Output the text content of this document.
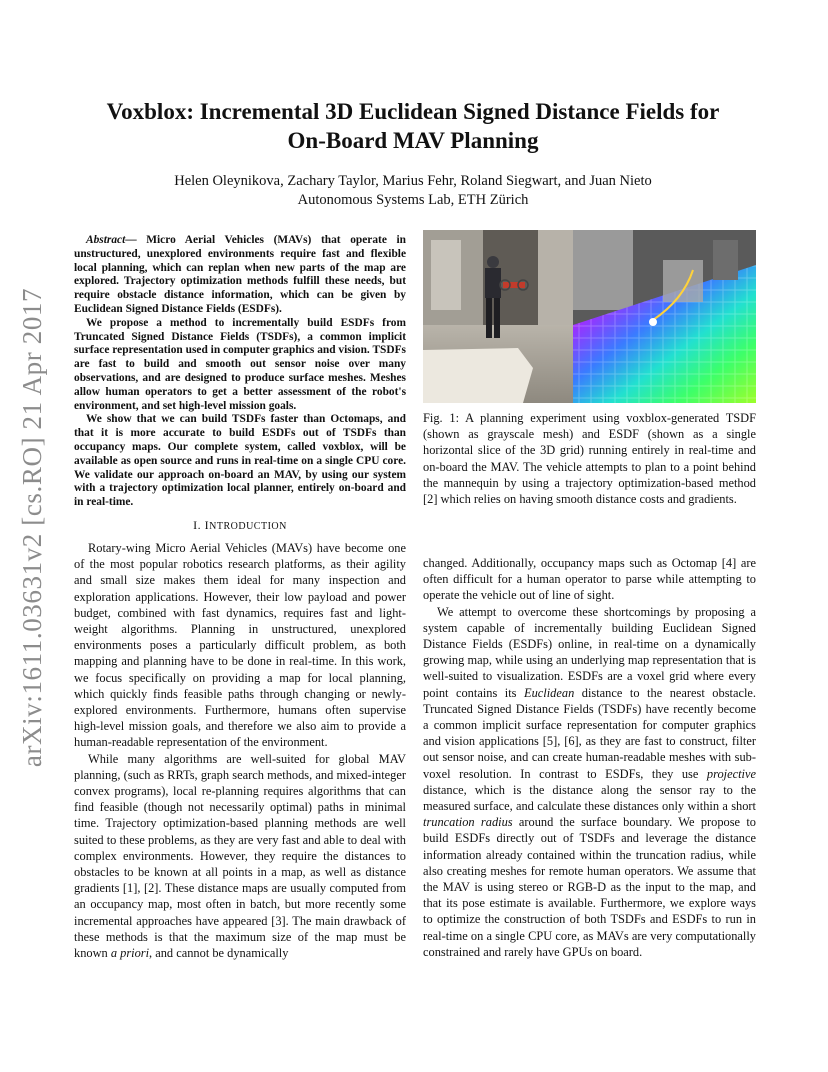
arXiv:1611.03631v2 [cs.RO] 21 Apr 2017
Voxblox: Incremental 3D Euclidean Signed Distance Fields for
On-Board MAV Planning
Helen Oleynikova, Zachary Taylor, Marius Fehr, Roland Siegwart, and Juan Nieto
Autonomous Systems Lab, ETH Zürich

Abstract— Micro Aerial Vehicles (MAVs) that operate in unstructured, unexplored environments require fast and flexible local planning, which can replan when new parts of the map are explored. Trajectory optimization methods fulfill these needs, but require obstacle distance information, which can be given by Euclidean Signed Distance Fields (ESDFs).

We propose a method to incrementally build ESDFs from Truncated Signed Distance Fields (TSDFs), a common implicit surface representation used in computer graphics and vision. TSDFs are fast to build and smooth out sensor noise over many observations, and are designed to produce surface meshes. Meshes allow human operators to get a better assessment of the robot's environment, and set high-level mission goals.

We show that we can build TSDFs faster than Octomaps, and that it is more accurate to build ESDFs out of TSDFs than occupancy maps. Our complete system, called voxblox, will be available as open source and runs in real-time on a single CPU core. We validate our approach on-board an MAV, by using our system with a trajectory optimization local planner, entirely on-board and in real-time.

I. INTRODUCTION

Rotary-wing Micro Aerial Vehicles (MAVs) have become one of the most popular robotics research platforms, as their agility and small size makes them ideal for many inspection and exploration applications. However, their low payload and power budget, combined with fast dynamics, requires fast and light-weight algorithms. Planning in unstructured, unexplored environments poses a particularly difficult problem, as both mapping and planning have to be done in real-time. In this work, we focus specifically on providing a map for local planning, which quickly finds feasible paths through changing or newly-explored environments. Furthermore, humans often supervise high-level mission goals, and therefore we also aim to provide a human-readable representation of the environment.

While many algorithms are well-suited for global MAV planning, (such as RRTs, graph search methods, and mixed-integer convex programs), local re-planning requires algorithms that can find feasible (though not necessarily optimal) paths in minimal time. Trajectory optimization-based planning methods are well suited to these problems, as they are very fast and able to deal with complex environments. However, they require the distances to obstacles to be known at all points in a map, as well as distance gradients [1], [2]. These distance maps are usually computed from an occupancy map, most often in batch, but more recently some incremental approaches have appeared [3]. The main drawback of these methods is that the maximum size of the map must be known a priori, and cannot be dynamically

Fig. 1: A planning experiment using voxblox-generated TSDF (shown as grayscale mesh) and ESDF (shown as a single horizontal slice of the 3D grid) running entirely in real-time and on-board the MAV. The vehicle attempts to plan to a point behind the mannequin by using a trajectory optimization-based method [2] which relies on having smooth distance costs and gradients.

changed. Additionally, occupancy maps such as Octomap [4] are often difficult for a human operator to parse while attempting to operate the vehicle out of line of sight.

We attempt to overcome these shortcomings by proposing a system capable of incrementally building Euclidean Signed Distance Fields (ESDFs) online, in real-time on a dynamically growing map, while using an underlying map representation that is well-suited to visualization. ESDFs are a voxel grid where every point contains its Euclidean distance to the nearest obstacle. Truncated Signed Distance Fields (TSDFs) have recently become a common implicit surface representation for computer graphics and vision applications [5], [6], as they are fast to construct, filter out sensor noise, and can create human-readable meshes with sub-voxel resolution. In contrast to ESDFs, they use projective distance, which is the distance along the sensor ray to the measured surface, and calculate these distances only within a short truncation radius around the surface boundary. We propose to build ESDFs directly out of TSDFs and leverage the distance information already contained within the truncation radius, while also creating meshes for remote human operators. We assume that the MAV is using stereo or RGB-D as the input to the map, and that its pose estimate is available. Furthermore, we explore ways to optimize the construction of both TSDFs and ESDFs to run in real-time on a single CPU core, as MAVs are very computationally constrained and rarely have GPUs on board.
